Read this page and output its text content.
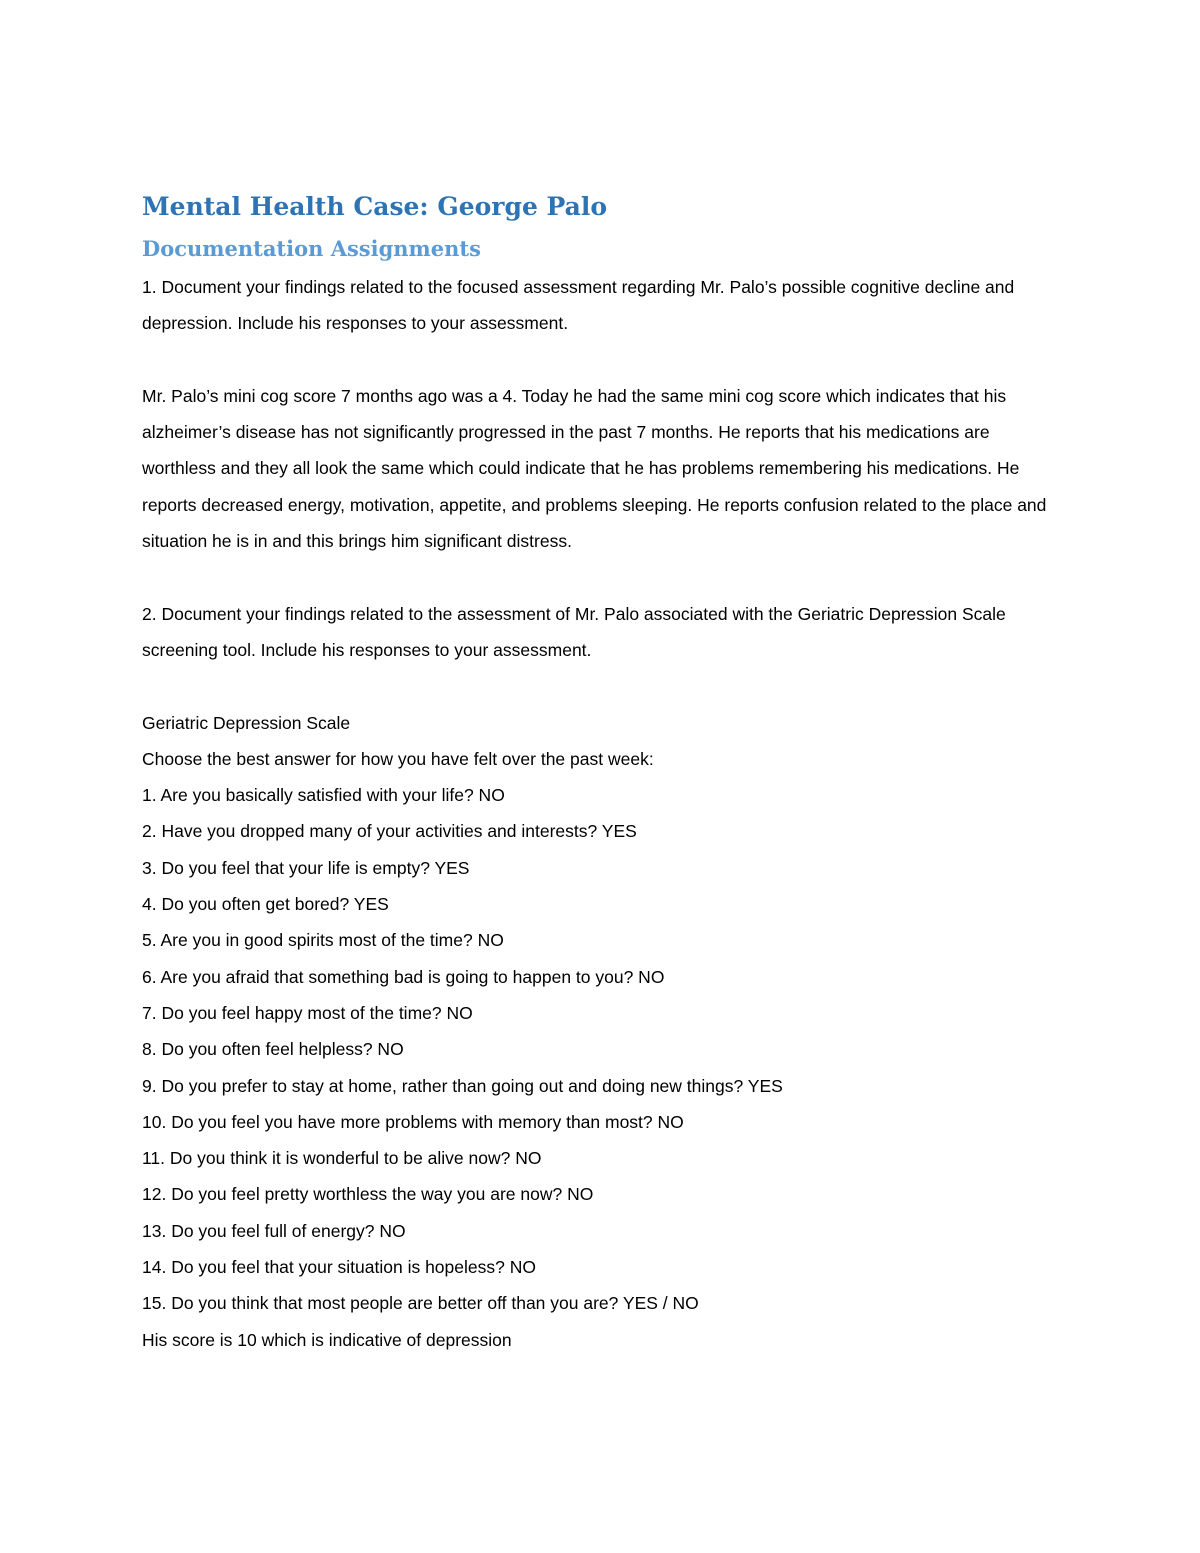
Mental Health Case: George Palo
Documentation Assignments

1. Document your findings related to the focused assessment regarding Mr. Palo’s possible cognitive decline and depression. Include his responses to your assessment.

Mr. Palo’s mini cog score 7 months ago was a 4. Today he had the same mini cog score which indicates that his alzheimer’s disease has not significantly progressed in the past 7 months. He reports that his medications are worthless and they all look the same which could indicate that he has problems remembering his medications. He reports decreased energy, motivation, appetite, and problems sleeping. He reports confusion related to the place and situation he is in and this brings him significant distress.

2. Document your findings related to the assessment of Mr. Palo associated with the Geriatric Depression Scale screening tool. Include his responses to your assessment.

Geriatric Depression Scale

Choose the best answer for how you have felt over the past week:

1. Are you basically satisfied with your life? NO

2. Have you dropped many of your activities and interests? YES

3. Do you feel that your life is empty? YES

4. Do you often get bored? YES

5. Are you in good spirits most of the time? NO

6. Are you afraid that something bad is going to happen to you? NO

7. Do you feel happy most of the time? NO

8. Do you often feel helpless? NO

9. Do you prefer to stay at home, rather than going out and doing new things? YES

10. Do you feel you have more problems with memory than most? NO

11. Do you think it is wonderful to be alive now? NO

12. Do you feel pretty worthless the way you are now? NO

13. Do you feel full of energy? NO

14. Do you feel that your situation is hopeless? NO

15. Do you think that most people are better off than you are? YES / NO

His score is 10 which is indicative of depression
